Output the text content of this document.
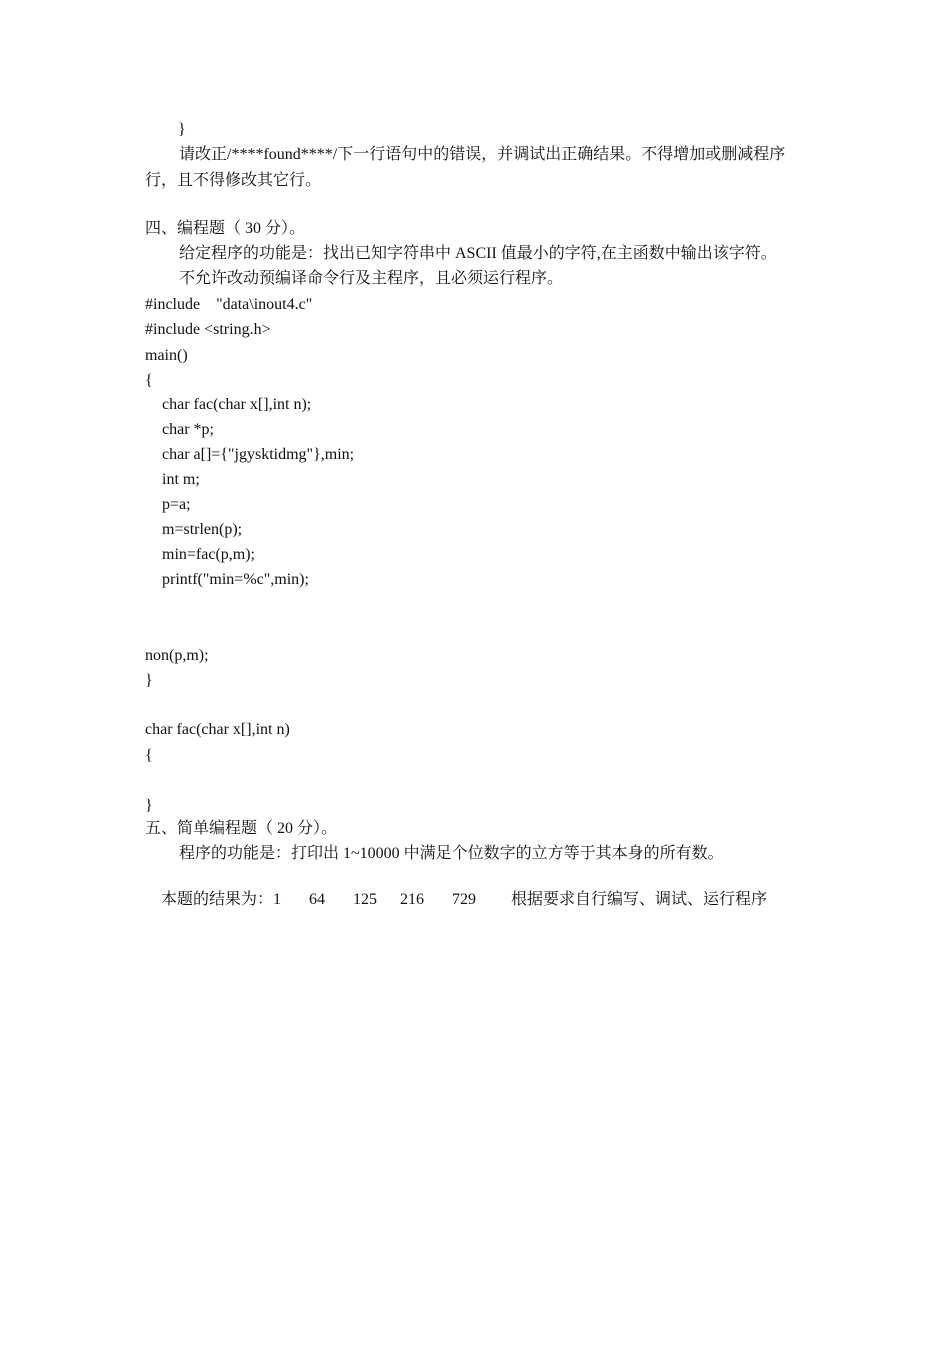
}
请改正/****found****/下一行语句中的错误，并调试出正确结果。不得增加或删减程序
行，且不得修改其它行。
四、编程题（ 30 分）。
给定程序的功能是：找出已知字符串中 ASCII 值最小的字符,在主函数中输出该字符。
不允许改动预编译命令行及主程序，且必须运行程序。
#include    "data\inout4.c"
#include <string.h>
main()
{
char fac(char x[],int n);
char *p;
char a[]={"jgysktidmg"},min;
int m;
p=a;
m=strlen(p);
min=fac(p,m);
printf("min=%c",min);
non(p,m);
}
char fac(char x[],int n)
{
}
五、简单编程题（ 20 分）。
程序的功能是：打印出 1~10000 中满足个位数字的立方等于其本身的所有数。

本题的结果为：1 64 125 216 729 根据要求自行编写、调试、运行程序
